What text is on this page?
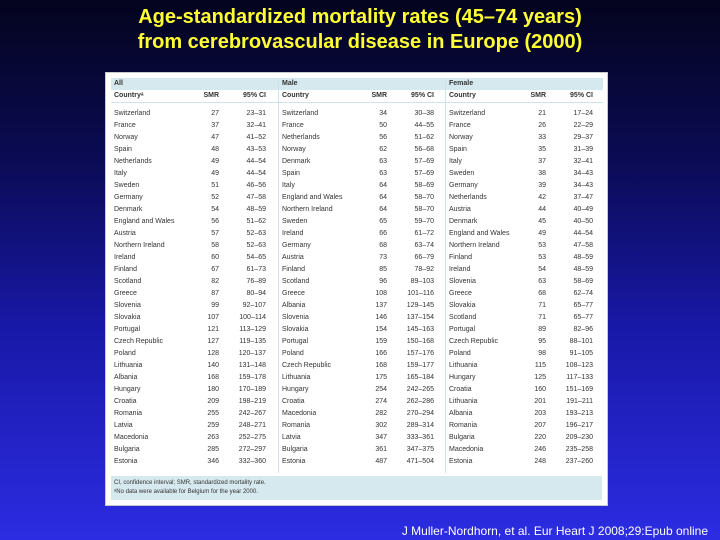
Age-standardized mortality rates (45–74 years)
from cerebrovascular disease in Europe (2000)
All
Countryᵃ	SMR	95% CI
Switzerland	27	23–31
France	37	32–41
Norway	47	41–52
Spain	48	43–53
Netherlands	49	44–54
Italy	49	44–54
Sweden	51	46–56
Germany	52	47–58
Denmark	54	48–59
England and Wales	56	51–62
Austria	57	52–63
Northern Ireland	58	52–63
Ireland	60	54–65
Finland	67	61–73
Scotland	82	76–89
Greece	87	80–94
Slovenia	99	92–107
Slovakia	107	100–114
Portugal	121	113–129
Czech Republic	127	119–135
Poland	128	120–137
Lithuania	140	131–148
Albania	168	159–178
Hungary	180	170–189
Croatia	209	198–219
Romania	255	242–267
Latvia	259	248–271
Macedonia	263	252–275
Bulgaria	285	272–297
Estonia	346	332–360
Male
Country	SMR	95% CI
Switzerland	34	30–38
France	50	44–55
Netherlands	56	51–62
Norway	62	56–68
Denmark	63	57–69
Spain	63	57–69
Italy	64	58–69
England and Wales	64	58–70
Northern Ireland	64	58–70
Sweden	65	59–70
Ireland	66	61–72
Germany	68	63–74
Austria	73	66–79
Finland	85	78–92
Scotland	96	89–103
Greece	108	101–116
Albania	137	129–145
Slovenia	146	137–154
Slovakia	154	145–163
Portugal	159	150–168
Poland	166	157–176
Czech Republic	168	159–177
Lithuania	175	165–184
Hungary	254	242–265
Croatia	274	262–286
Macedonia	282	270–294
Romania	302	289–314
Latvia	347	333–361
Bulgaria	361	347–375
Estonia	487	471–504
Female
Country	SMR	95% CI
Switzerland	21	17–24
France	26	22–29
Norway	33	29–37
Spain	35	31–39
Italy	37	32–41
Sweden	38	34–43
Germany	39	34–43
Netherlands	42	37–47
Austria	44	40–49
Denmark	45	40–50
England and Wales	49	44–54
Northern Ireland	53	47–58
Finland	53	48–59
Ireland	54	48–59
Slovenia	63	58–69
Greece	68	62–74
Slovakia	71	65–77
Scotland	71	65–77
Portugal	89	82–96
Czech Republic	95	88–101
Poland	98	91–105
Lithuania	115	108–123
Hungary	125	117–133
Croatia	160	151–169
Lithuania	201	191–211
Albania	203	193–213
Romania	207	196–217
Bulgaria	220	209–230
Macedonia	246	235–258
Estonia	248	237–260
CI, confidence interval; SMR, standardized mortality rate.
ᵃNo data were available for Belgium for the year 2000.
J Muller-Nordhorn, et al. Eur Heart J 2008;29:Epub online
